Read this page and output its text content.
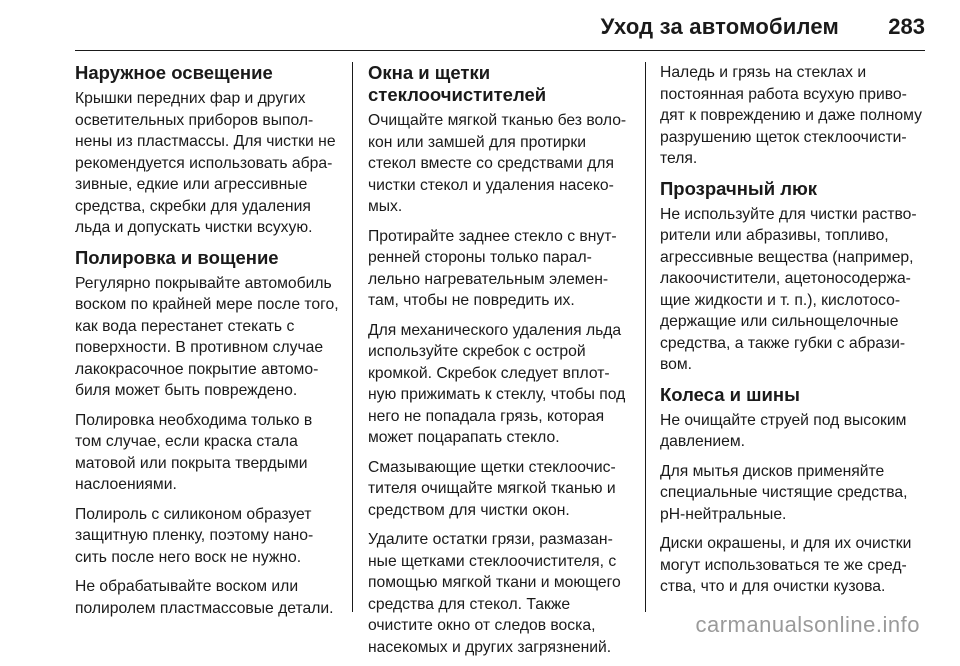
Уход за автомобилем 283
Наружное освещение

Крышки передних фар и других
осветительных приборов выпол-
нены из пластмассы. Для чистки не
рекомендуется использовать абра-
зивные, едкие или агрессивные
средства, скребки для удаления
льда и допускать чистки всухую.

Полировка и вощение

Регулярно покрывайте автомобиль
воском по крайней мере после того,
как вода перестанет стекать с
поверхности. В противном случае
лакокрасочное покрытие автомо-
биля может быть повреждено.

Полировка необходима только в
том случае, если краска стала
матовой или покрыта твердыми
наслоениями.

Полироль с силиконом образует
защитную пленку, поэтому нано-
сить после него воск не нужно.

Не обрабатывайте воском или
полиролем пластмассовые детали.

Окна и щетки
стеклоочистителей

Очищайте мягкой тканью без воло-
кон или замшей для протирки
стекол вместе со средствами для
чистки стекол и удаления насеко-
мых.

Протирайте заднее стекло с внут-
ренней стороны только парал-
лельно нагревательным элемен-
там, чтобы не повредить их.

Для механического удаления льда
используйте скребок с острой
кромкой. Скребок следует вплот-
ную прижимать к стеклу, чтобы под
него не попадала грязь, которая
может поцарапать стекло.

Смазывающие щетки стеклоочис-
тителя очищайте мягкой тканью и
средством для чистки окон.

Удалите остатки грязи, размазан-
ные щетками стеклоочистителя, с
помощью мягкой ткани и моющего
средства для стекол. Также
очистите окно от следов воска,
насекомых и других загрязнений.

Наледь и грязь на стеклах и
постоянная работа всухую приво-
дят к повреждению и даже полному
разрушению щеток стеклоочисти-
теля.

Прозрачный люк

Не используйте для чистки раство-
рители или абразивы, топливо,
агрессивные вещества (например,
лакоочистители, ацетоносодержа-
щие жидкости и т. п.), кислотосо-
держащие или сильнощелочные
средства, а также губки с абрази-
вом.

Колеса и шины

Не очищайте струей под высоким
давлением.

Для мытья дисков применяйте
специальные чистящие средства,
pH-нейтральные.

Диски окрашены, и для их очистки
могут использоваться те же сред-
ства, что и для очистки кузова.

carmanualsonline.info
